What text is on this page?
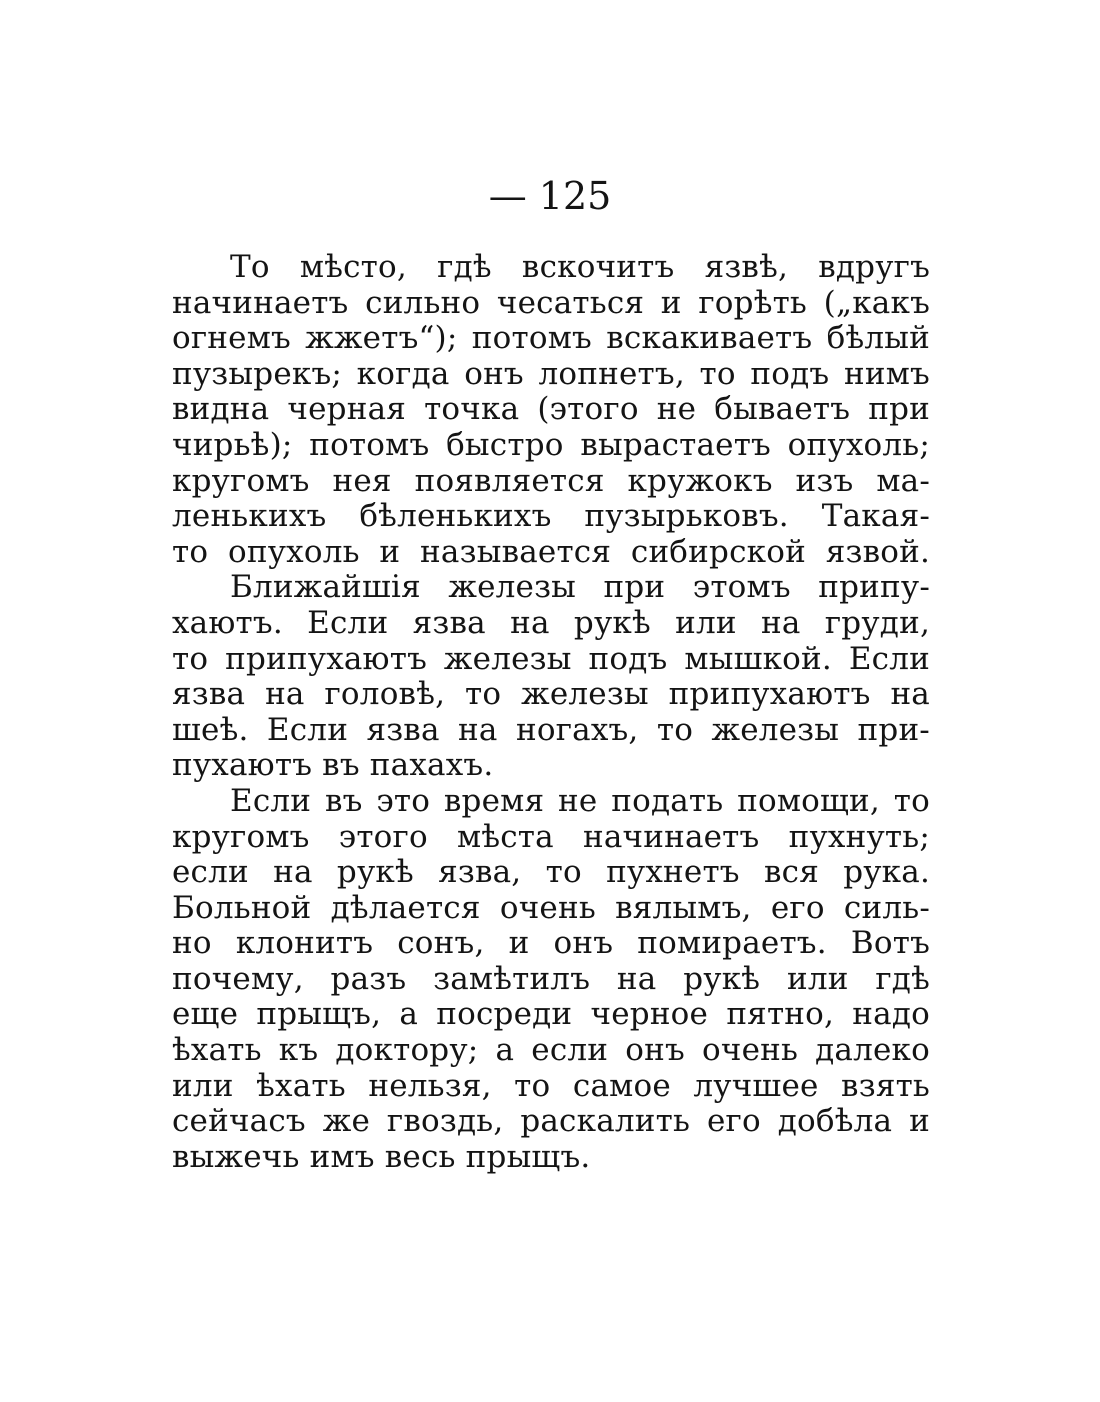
— 125
То мѣсто, гдѣ вскочитъ язвѣ, вдругъ
начинаетъ сильно чесаться и горѣть („какъ
огнемъ жжетъ“); потомъ вскакиваетъ бѣлый
пузырекъ; когда онъ лопнетъ, то подъ нимъ
видна черная точка (этого не бываетъ при
чирьѣ); потомъ быстро вырастаетъ опухоль;
кругомъ нея появляется кружокъ изъ ма-
ленькихъ бѣленькихъ пузырьковъ. Такая-
то опухоль и называется сибирской язвой.
Ближайшія железы при этомъ припу-
хаютъ. Если язва на рукѣ или на груди,
то припухаютъ железы подъ мышкой. Если
язва на головѣ, то железы припухаютъ на
шеѣ. Если язва на ногахъ, то железы при-
пухаютъ въ пахахъ.
Если въ это время не подать помощи, то
кругомъ этого мѣста начинаетъ пухнуть;
если на рукѣ язва, то пухнетъ вся рука.
Больной дѣлается очень вялымъ, его силь-
но клонитъ сонъ, и онъ помираетъ. Вотъ
почему, разъ замѣтилъ на рукѣ или гдѣ
еще прыщъ, а посреди черное пятно, надо
ѣхать къ доктору; а если онъ очень далеко
или ѣхать нельзя, то самое лучшее взять
сейчасъ же гвоздь, раскалить его добѣла и
выжечь имъ весь прыщъ.
